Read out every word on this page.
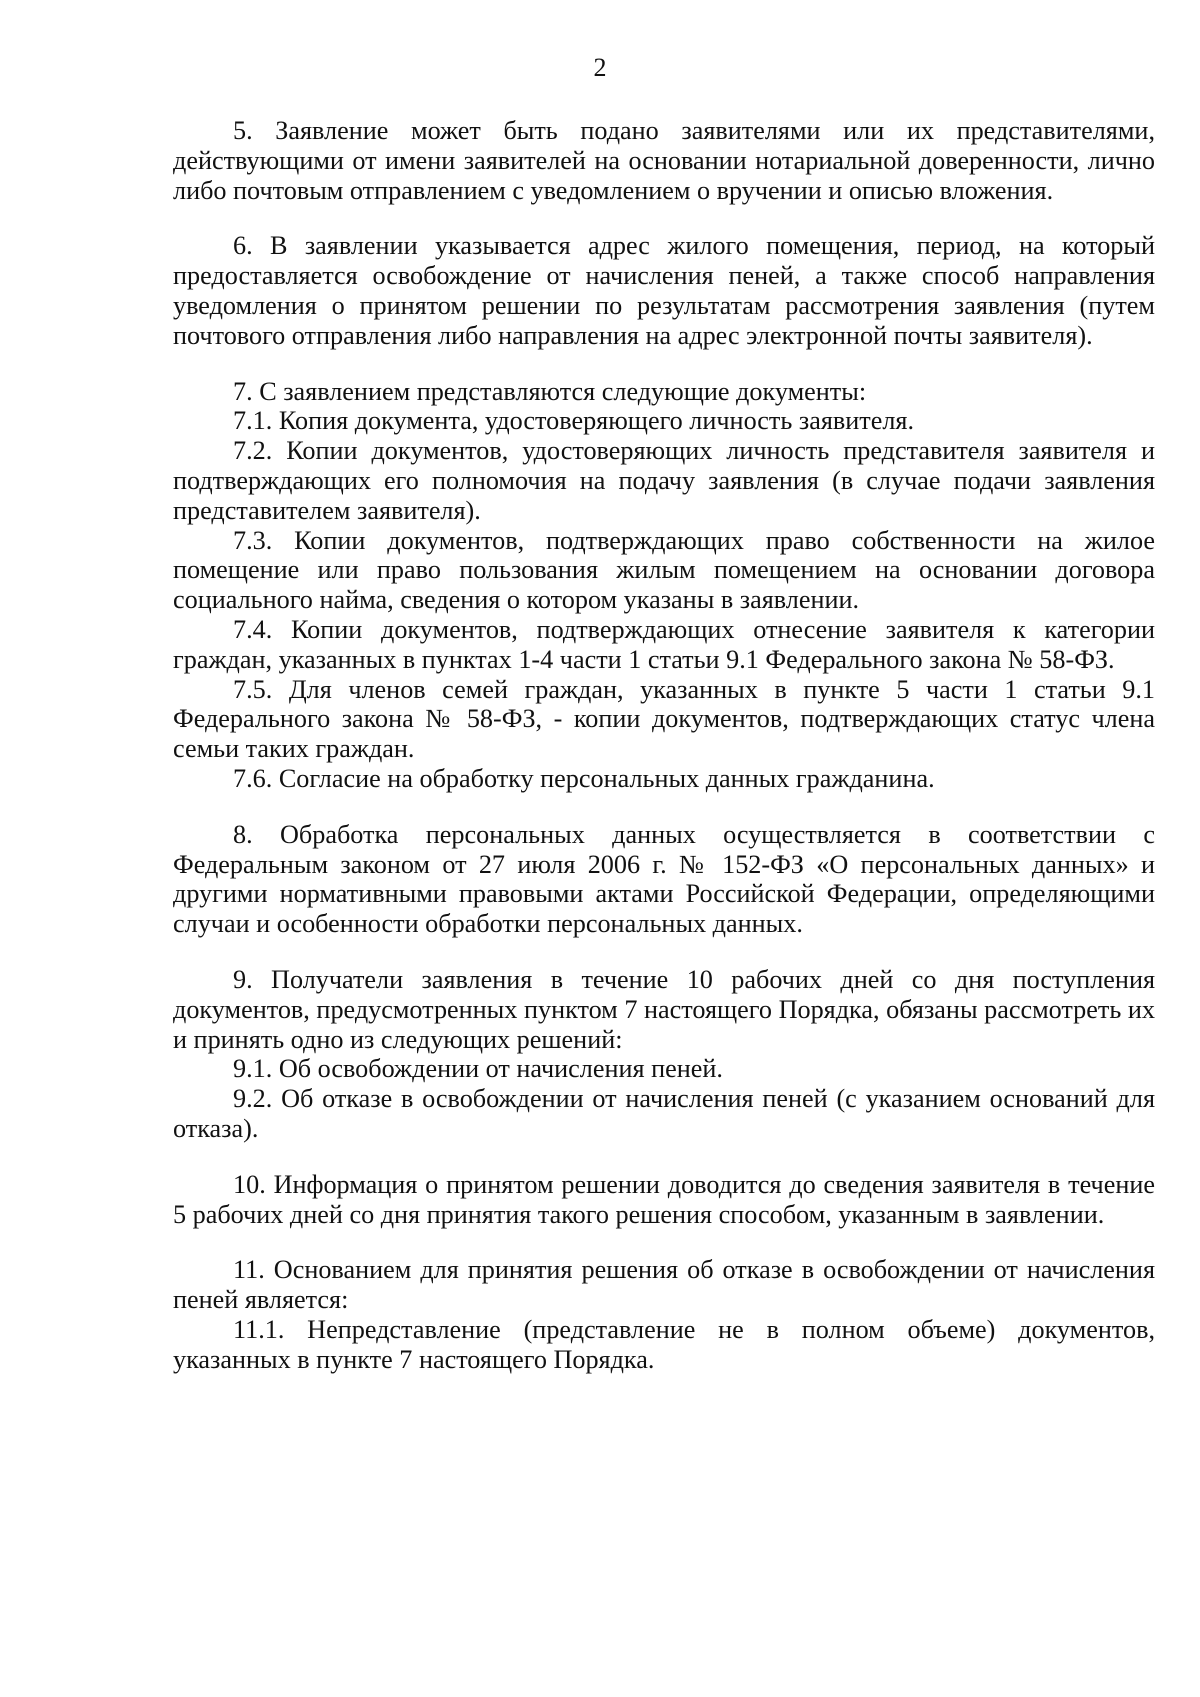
2

5. Заявление может быть подано заявителями или их представителями, действующими от имени заявителей на основании нотариальной доверенности, лично либо почтовым отправлением с уведомлением о вручении и описью вложения.

6. В заявлении указывается адрес жилого помещения, период, на который предоставляется освобождение от начисления пеней, а также способ направления уведомления о принятом решении по результатам рассмотрения заявления (путем почтового отправления либо направления на адрес электронной почты заявителя).

7. С заявлением представляются следующие документы:

7.1. Копия документа, удостоверяющего личность заявителя.

7.2. Копии документов, удостоверяющих личность представителя заявителя и подтверждающих его полномочия на подачу заявления (в случае подачи заявления представителем заявителя).

7.3. Копии документов, подтверждающих право собственности на жилое помещение или право пользования жилым помещением на основании договора социального найма, сведения о котором указаны в заявлении.

7.4. Копии документов, подтверждающих отнесение заявителя к категории граждан, указанных в пунктах 1-4 части 1 статьи 9.1 Федерального закона № 58-ФЗ.

7.5. Для членов семей граждан, указанных в пункте 5 части 1 статьи 9.1 Федерального закона № 58-ФЗ, - копии документов, подтверждающих статус члена семьи таких граждан.

7.6. Согласие на обработку персональных данных гражданина.

8. Обработка персональных данных осуществляется в соответствии с Федеральным законом от 27 июля 2006 г. № 152-ФЗ «О персональных данных» и другими нормативными правовыми актами Российской Федерации, определяющими случаи и особенности обработки персональных данных.

9. Получатели заявления в течение 10 рабочих дней со дня поступления документов, предусмотренных пунктом 7 настоящего Порядка, обязаны рассмотреть их и принять одно из следующих решений:

9.1. Об освобождении от начисления пеней.

9.2. Об отказе в освобождении от начисления пеней (с указанием оснований для отказа).

10. Информация о принятом решении доводится до сведения заявителя в течение 5 рабочих дней со дня принятия такого решения способом, указанным в заявлении.

11. Основанием для принятия решения об отказе в освобождении от начисления пеней является:

11.1. Непредставление (представление не в полном объеме) документов, указанных в пункте 7 настоящего Порядка.
